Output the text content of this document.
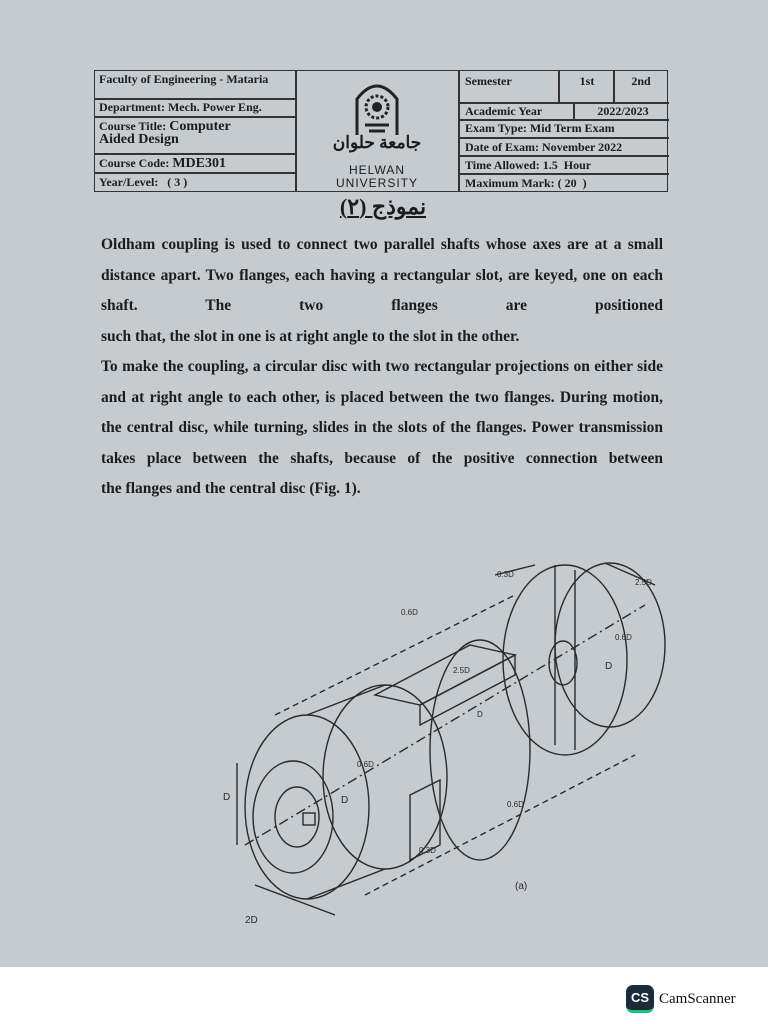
Faculty of Engineering - Mataria
Department: Mech. Power Eng.
Course Title: Computer
Aided Design
Course Code: MDE301
Year/Level:   ( 3 )
جامعة حلوان
HELWAN
UNIVERSITY
Semester	1st	2nd
Academic Year	2022/2023
Exam Type: Mid Term Exam
Date of Exam: November 2022
Time Allowed: 1.5  Hour
Maximum Mark: ( 20  )
نموذج (٢)

Oldham coupling is used to connect two parallel shafts whose axes are at a small distance apart. Two flanges, each having a rectangular slot, are keyed, one on each shaft. The two flanges are positioned
such that, the slot in one is at right angle to the slot in the other.

To make the coupling, a circular disc with two rectangular projections on either side and at right angle to each other, is placed between the two flanges. During motion, the central disc, while turning, slides in the slots of the flanges. Power transmission takes place between the shafts, because of the positive connection between
the flanges and the central disc (Fig. 1).

2D
D	D
0.6D
0.6D
0.6D
0.6D
0.3D
0.3D
2.5D
2.5D
D
D
(a)
CS CamScanner
